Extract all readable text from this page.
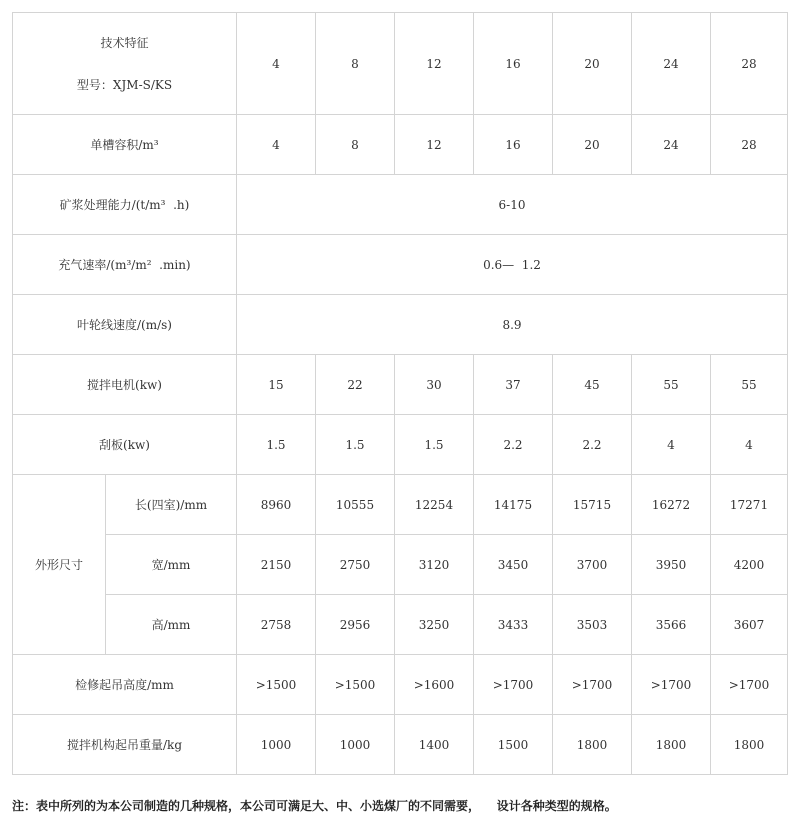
技术特征
型号：XJM-S/KS		4	8	12	16	20	24	28
单槽容积/m³		4	8	12	16	20	24	28
矿浆处理能力/(t/m³  .h)		6-10						
充气速率/(m³/m²  .min)		0.6—  1.2						
叶轮线速度/(m/s)		8.9						
搅拌电机(kw)		15	22	30	37	45	55	55
刮板(kw)		1.5	1.5	1.5	2.2	2.2	4	4
外形尺寸	长(四室)/mm	8960	10555	12254	14175	15715	16272	17271
	宽/mm	2150	2750	3120	3450	3700	3950	4200
	高/mm	2758	2956	3250	3433	3503	3566	3607
检修起吊高度/mm		>1500	>1500	>1600	>1700	>1700	>1700	>1700
搅拌机构起吊重量/kg		1000	1000	1400	1500	1800	1800	1800
注：表中所列的为本公司制造的几种规格，本公司可满足大、中、小选煤厂的不同需要，    设计各种类型的规格。
